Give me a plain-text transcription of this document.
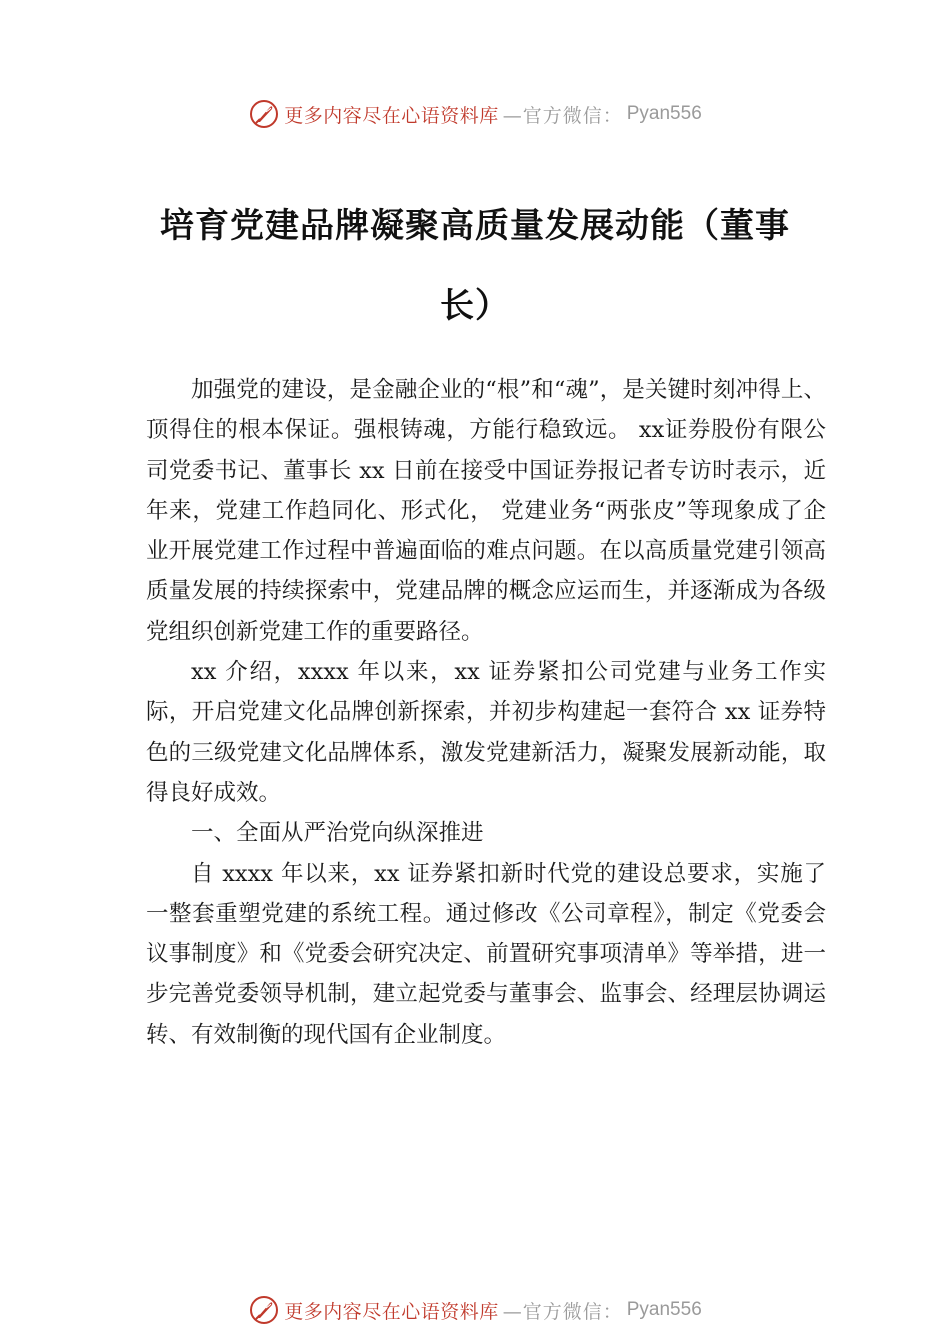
更多内容尽在心语资料库 —官方微信： Pyan556
培育党建品牌凝聚高质量发展动能（董事长）

加强党的建设，是金融企业的“根”和“魂”，是关键时刻冲得上、顶得住的根本保证。强根铸魂，方能行稳致远。 xx证券股份有限公司党委书记、董事长 xx 日前在接受中国证券报记者专访时表示，近年来，党建工作趋同化、形式化， 党建业务“两张皮”等现象成了企业开展党建工作过程中普遍面临的难点问题。在以高质量党建引领高质量发展的持续探索中，党建品牌的概念应运而生，并逐渐成为各级党组织创新党建工作的重要路径。

xx 介绍，xxxx 年以来，xx 证券紧扣公司党建与业务工作实际，开启党建文化品牌创新探索，并初步构建起一套符合 xx 证券特色的三级党建文化品牌体系，激发党建新活力，凝聚发展新动能，取得良好成效。

一、全面从严治党向纵深推进

自 xxxx 年以来，xx 证券紧扣新时代党的建设总要求，实施了一整套重塑党建的系统工程。通过修改《公司章程》，制定《党委会议事制度》和《党委会研究决定、前置研究事项清单》等举措，进一步完善党委领导机制，建立起党委与董事会、监事会、经理层协调运转、有效制衡的现代国有企业制度。

更多内容尽在心语资料库 —官方微信： Pyan556
